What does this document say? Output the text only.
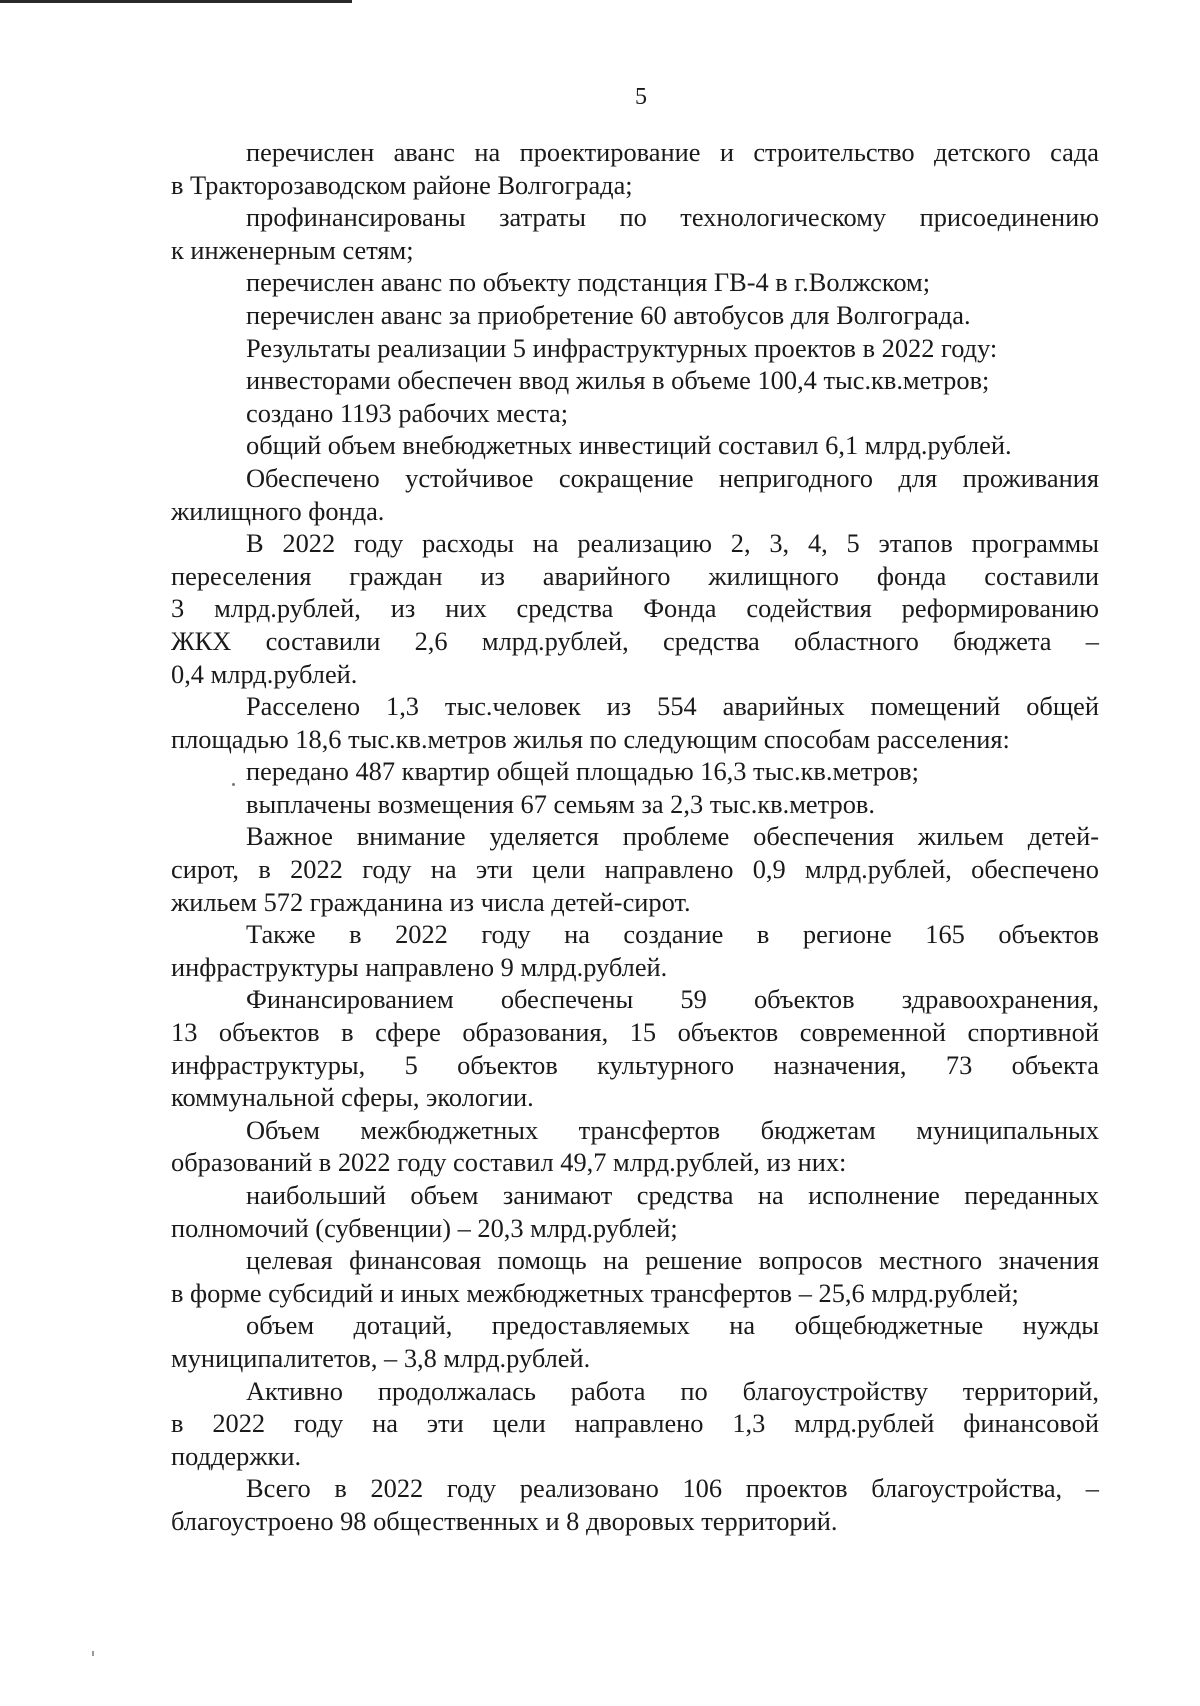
5
перечислен аванс на проектирование и строительство детского сада
в Тракторозаводском районе Волгограда;
профинансированы затраты по технологическому присоединению
к инженерным сетям;
перечислен аванс по объекту подстанция ГВ-4 в г.Волжском;
перечислен аванс за приобретение 60 автобусов для Волгограда.
Результаты реализации 5 инфраструктурных проектов в 2022 году:
инвесторами обеспечен ввод жилья в объеме 100,4 тыс.кв.метров;
создано 1193 рабочих места;
общий объем внебюджетных инвестиций составил 6,1 млрд.рублей.
Обеспечено устойчивое сокращение непригодного для проживания
жилищного фонда.
В 2022 году расходы на реализацию 2, 3, 4, 5 этапов программы
переселения граждан из аварийного жилищного фонда составили
3 млрд.рублей, из них средства Фонда содействия реформированию
ЖКХ составили 2,6 млрд.рублей, средства областного бюджета –
0,4 млрд.рублей.
Расселено 1,3 тыс.человек из 554 аварийных помещений общей
площадью 18,6 тыс.кв.метров жилья по следующим способам расселения:
передано 487 квартир общей площадью 16,3 тыс.кв.метров;
выплачены возмещения 67 семьям за 2,3 тыс.кв.метров.
Важное внимание уделяется проблеме обеспечения жильем детей-
сирот, в 2022 году на эти цели направлено 0,9 млрд.рублей, обеспечено
жильем 572 гражданина из числа детей-сирот.
Также в 2022 году на создание в регионе 165 объектов
инфраструктуры направлено 9 млрд.рублей.
Финансированием обеспечены 59 объектов здравоохранения,
13 объектов в сфере образования, 15 объектов современной спортивной
инфраструктуры, 5 объектов культурного назначения, 73 объекта
коммунальной сферы, экологии.
Объем межбюджетных трансфертов бюджетам муниципальных
образований в 2022 году составил 49,7 млрд.рублей, из них:
наибольший объем занимают средства на исполнение переданных
полномочий (субвенции) – 20,3 млрд.рублей;
целевая финансовая помощь на решение вопросов местного значения
в форме субсидий и иных межбюджетных трансфертов – 25,6 млрд.рублей;
объем дотаций, предоставляемых на общебюджетные нужды
муниципалитетов, – 3,8 млрд.рублей.
Активно продолжалась работа по благоустройству территорий,
в 2022 году на эти цели направлено 1,3 млрд.рублей финансовой
поддержки.
Всего в 2022 году реализовано 106 проектов благоустройства, –
благоустроено 98 общественных и 8 дворовых территорий.
